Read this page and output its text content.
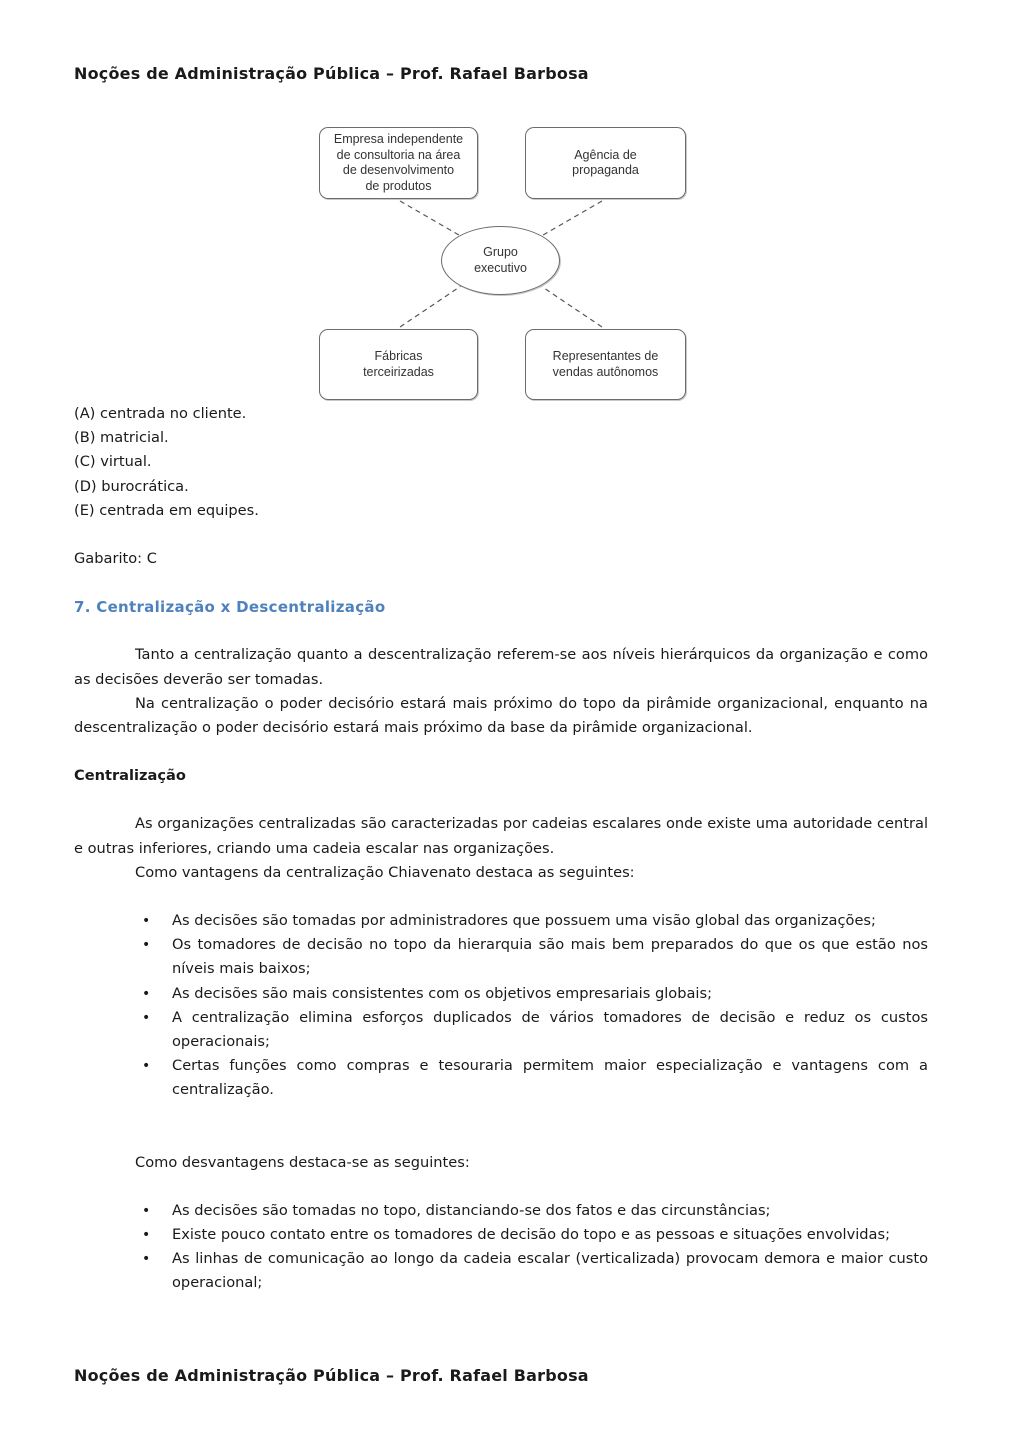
Noções de Administração Pública – Prof. Rafael Barbosa
Empresa independente
de consultoria na área
de desenvolvimento
de produtos
Agência de
propaganda
Grupo
executivo
Fábricas
terceirizadas
Representantes de
vendas autônomos

(A) centrada no cliente.

(B) matricial.

(C) virtual.

(D) burocrática.

(E) centrada em equipes.

Gabarito: C

7. Centralização x Descentralização

Tanto a centralização quanto a descentralização referem-se aos níveis hierárquicos da organização e como as decisões deverão ser tomadas.

Na centralização o poder decisório estará mais próximo do topo da pirâmide organizacional, enquanto na descentralização o poder decisório estará mais próximo da base da pirâmide organizacional.

Centralização

As organizações centralizadas são caracterizadas por cadeias escalares onde existe uma autoridade central e outras inferiores, criando uma cadeia escalar nas organizações.

Como vantagens da centralização Chiavenato destaca as seguintes:

• As decisões são tomadas por administradores que possuem uma visão global das organizações;
• Os tomadores de decisão no topo da hierarquia são mais bem preparados do que os que estão nos níveis mais baixos;
• As decisões são mais consistentes com os objetivos empresariais globais;
• A centralização elimina esforços duplicados de vários tomadores de decisão e reduz os custos operacionais;
• Certas funções como compras e tesouraria permitem maior especialização e vantagens com a centralização.

Como desvantagens destaca-se as seguintes:

• As decisões são tomadas no topo, distanciando-se dos fatos e das circunstâncias;
• Existe pouco contato entre os tomadores de decisão do topo e as pessoas e situações envolvidas;
• As linhas de comunicação ao longo da cadeia escalar (verticalizada) provocam demora e maior custo operacional;
Noções de Administração Pública – Prof. Rafael Barbosa
